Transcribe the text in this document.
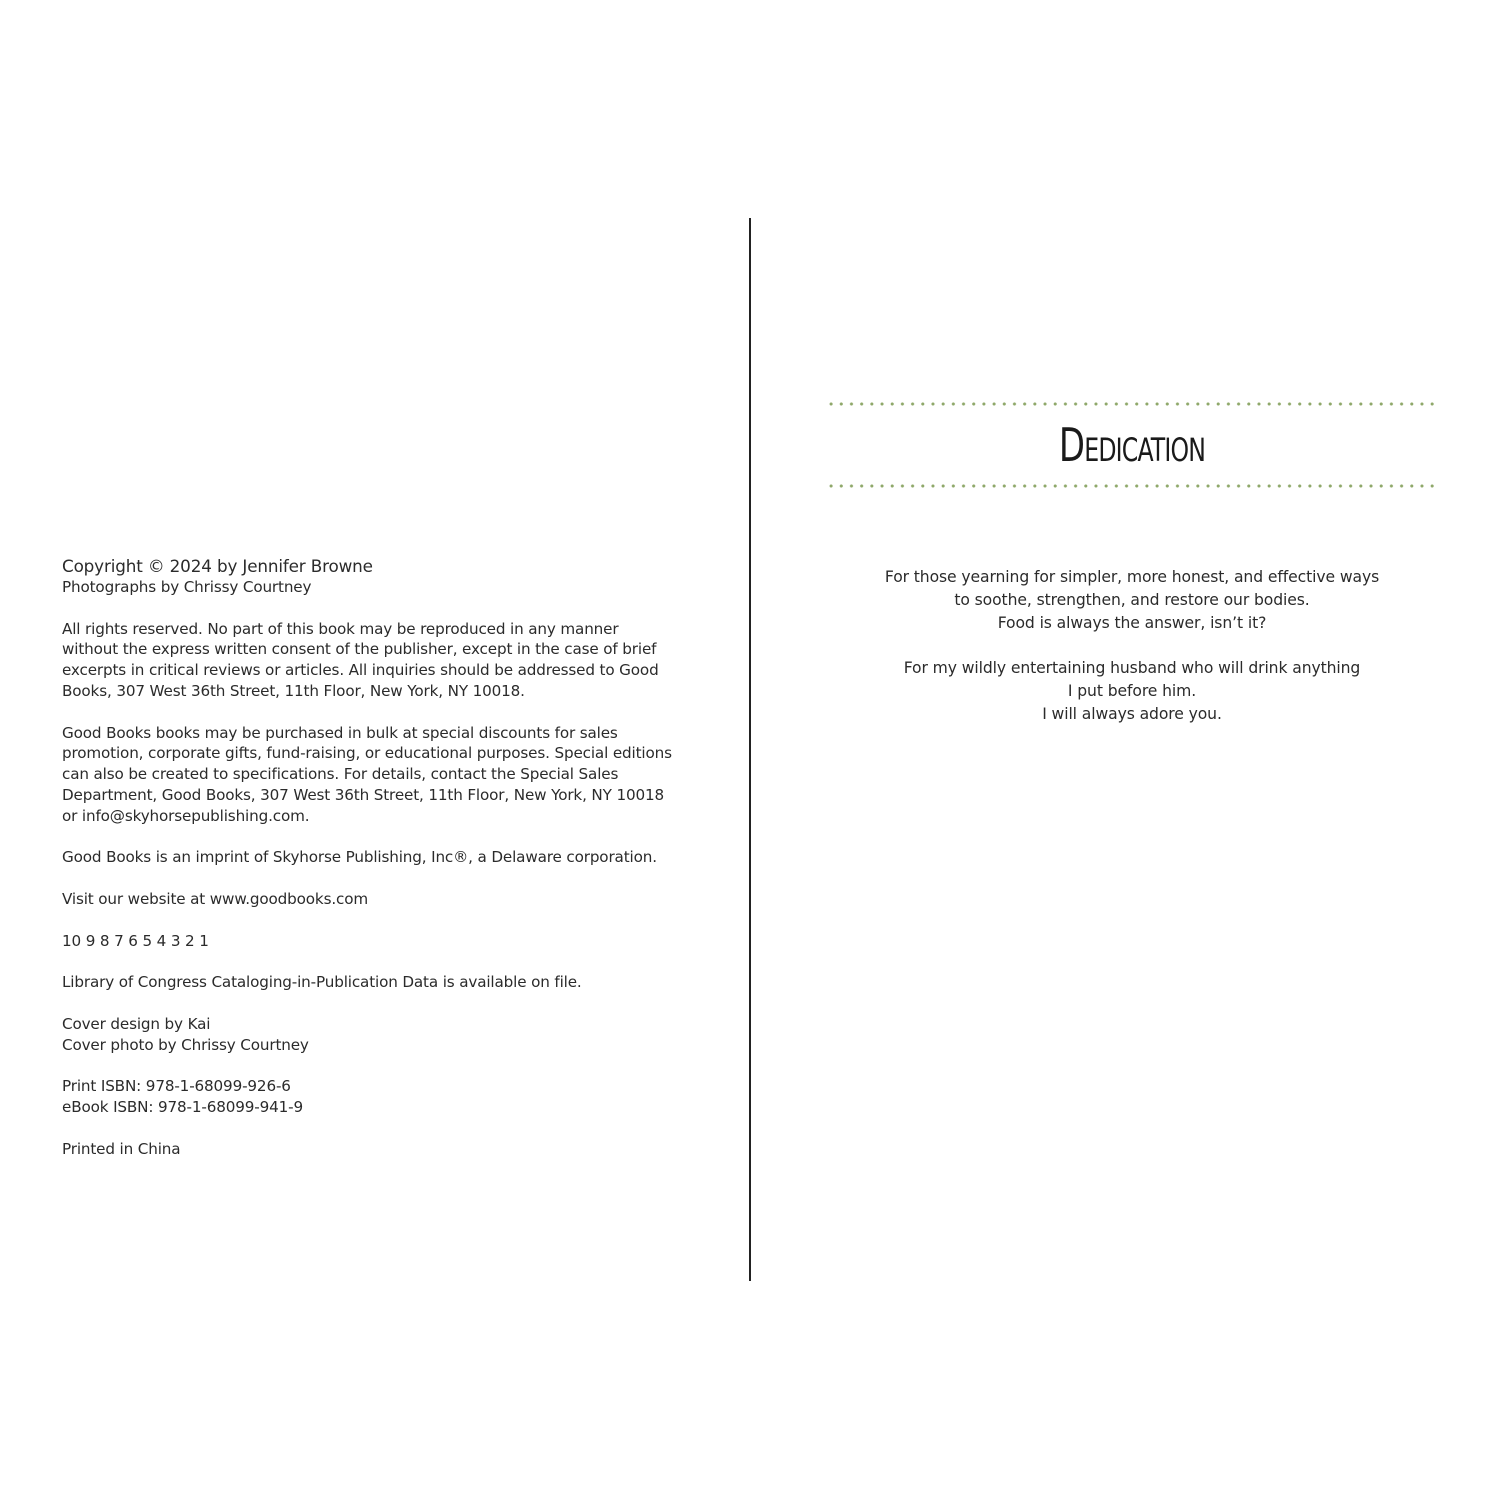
Copyright © 2024 by Jennifer Browne
Photographs by Chrissy Courtney

All rights reserved. No part of this book may be reproduced in any manner
without the express written consent of the publisher, except in the case of brief
excerpts in critical reviews or articles. All inquiries should be addressed to Good
Books, 307 West 36th Street, 11th Floor, New York, NY 10018.

Good Books books may be purchased in bulk at special discounts for sales
promotion, corporate gifts, fund-raising, or educational purposes. Special editions
can also be created to specifications. For details, contact the Special Sales
Department, Good Books, 307 West 36th Street, 11th Floor, New York, NY 10018
or info@skyhorsepublishing.com.

Good Books is an imprint of Skyhorse Publishing, Inc®, a Delaware corporation.

Visit our website at www.goodbooks.com

10 9 8 7 6 5 4 3 2 1

Library of Congress Cataloging-in-Publication Data is available on file.

Cover design by Kai
Cover photo by Chrissy Courtney

Print ISBN: 978-1-68099-926-6
eBook ISBN: 978-1-68099-941-9

Printed in China

Dedication

For those yearning for simpler, more honest, and effective ways
to soothe, strengthen, and restore our bodies.
Food is always the answer, isn’t it?

For my wildly entertaining husband who will drink anything
I put before him.
I will always adore you.
